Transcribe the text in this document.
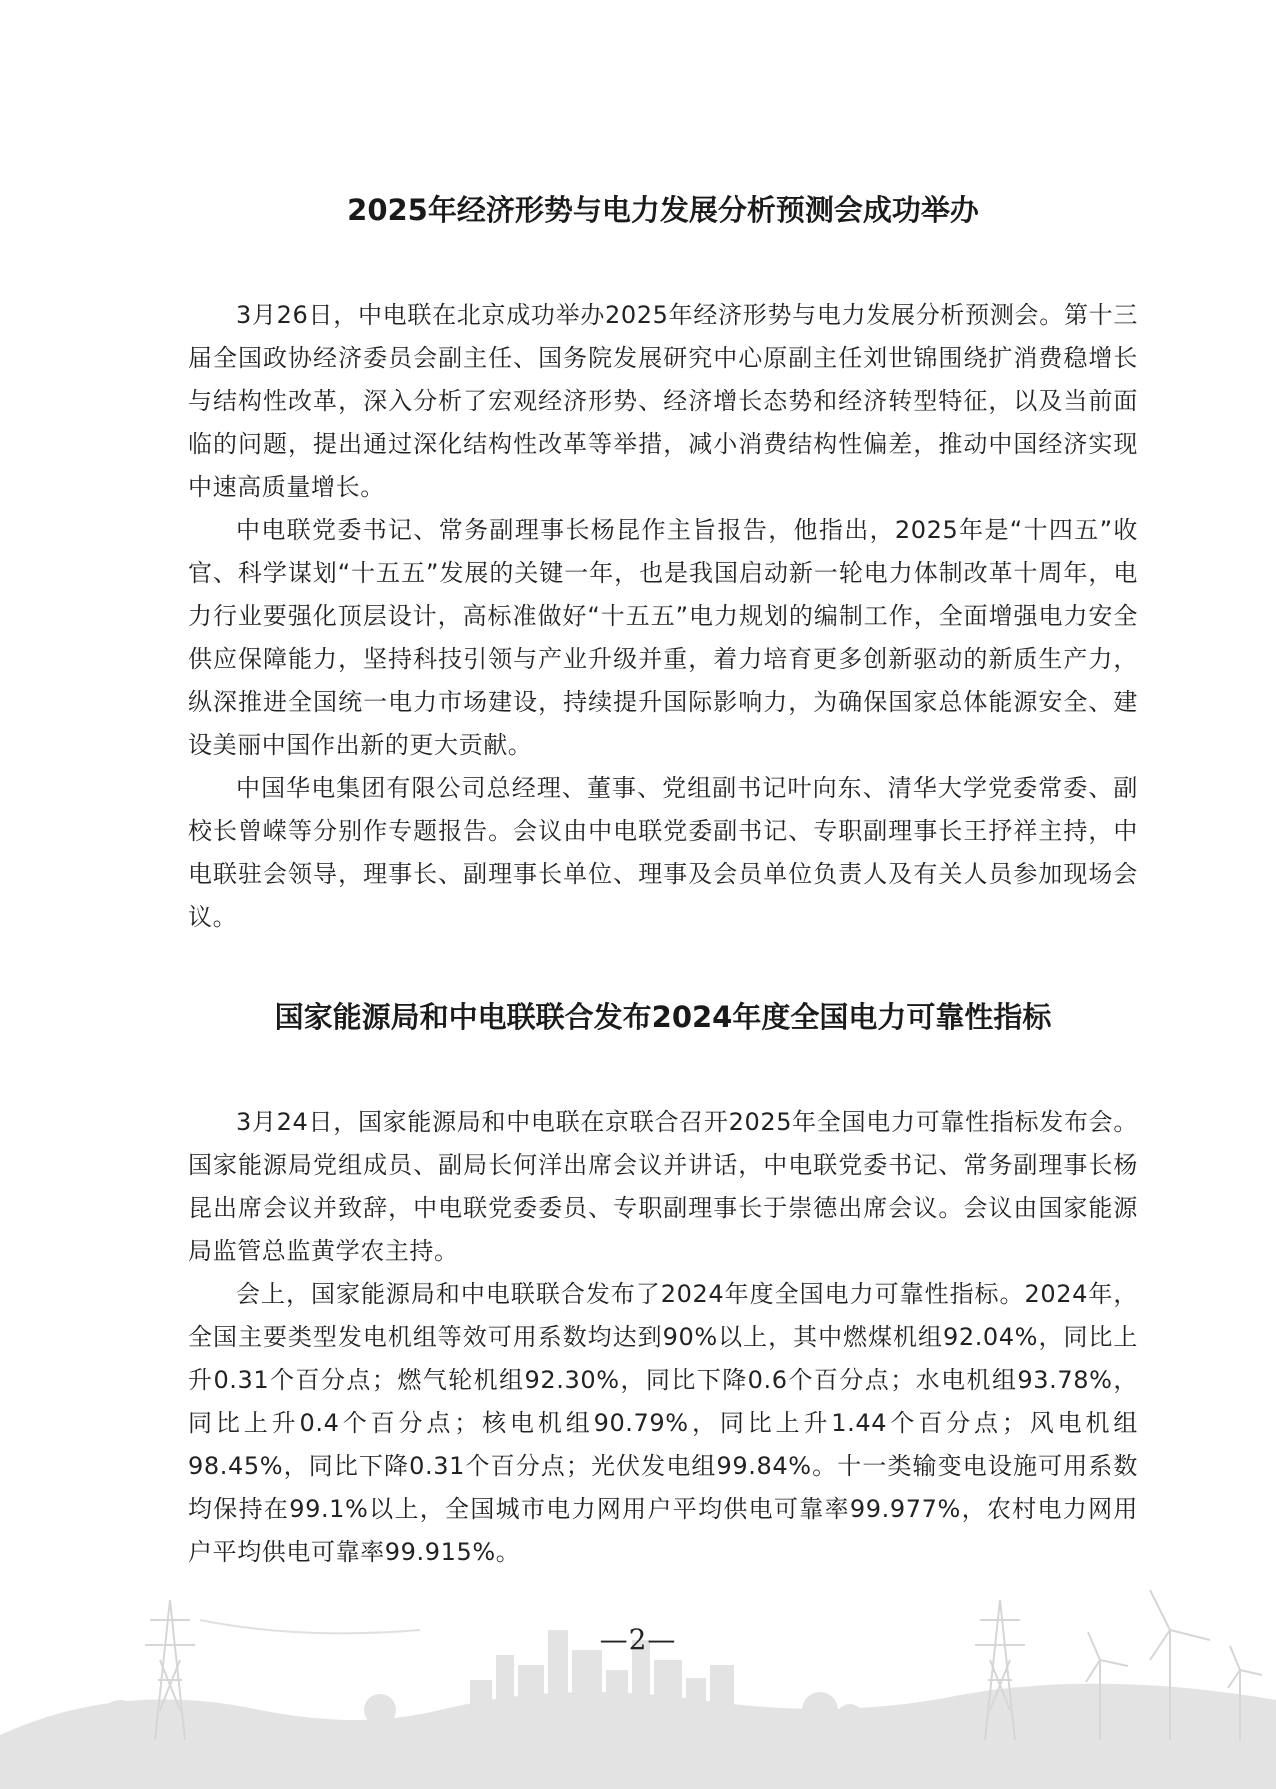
2025年经济形势与电力发展分析预测会成功举办

3月26日，中电联在北京成功举办2025年经济形势与电力发展分析预测会。第十三届全国政协经济委员会副主任、国务院发展研究中心原副主任刘世锦围绕扩消费稳增长与结构性改革，深入分析了宏观经济形势、经济增长态势和经济转型特征，以及当前面临的问题，提出通过深化结构性改革等举措，减小消费结构性偏差，推动中国经济实现中速高质量增长。

中电联党委书记、常务副理事长杨昆作主旨报告，他指出，2025年是“十四五”收官、科学谋划“十五五”发展的关键一年，也是我国启动新一轮电力体制改革十周年，电力行业要强化顶层设计，高标准做好“十五五”电力规划的编制工作，全面增强电力安全供应保障能力，坚持科技引领与产业升级并重，着力培育更多创新驱动的新质生产力，纵深推进全国统一电力市场建设，持续提升国际影响力，为确保国家总体能源安全、建设美丽中国作出新的更大贡献。

中国华电集团有限公司总经理、董事、党组副书记叶向东、清华大学党委常委、副校长曾嵘等分别作专题报告。会议由中电联党委副书记、专职副理事长王抒祥主持，中电联驻会领导，理事长、副理事长单位、理事及会员单位负责人及有关人员参加现场会议。

国家能源局和中电联联合发布2024年度全国电力可靠性指标

3月24日，国家能源局和中电联在京联合召开2025年全国电力可靠性指标发布会。国家能源局党组成员、副局长何洋出席会议并讲话，中电联党委书记、常务副理事长杨昆出席会议并致辞，中电联党委委员、专职副理事长于崇德出席会议。会议由国家能源局监管总监黄学农主持。

会上，国家能源局和中电联联合发布了2024年度全国电力可靠性指标。2024年，全国主要类型发电机组等效可用系数均达到90%以上，其中燃煤机组92.04%，同比上升0.31个百分点；燃气轮机组92.30%，同比下降0.6个百分点；水电机组93.78%，同比上升0.4个百分点；核电机组90.79%，同比上升1.44个百分点；风电机组98.45%，同比下降0.31个百分点；光伏发电组99.84%。十一类输变电设施可用系数均保持在99.1%以上，全国城市电力网用户平均供电可靠率99.977%，农村电力网用户平均供电可靠率99.915%。

—2—
